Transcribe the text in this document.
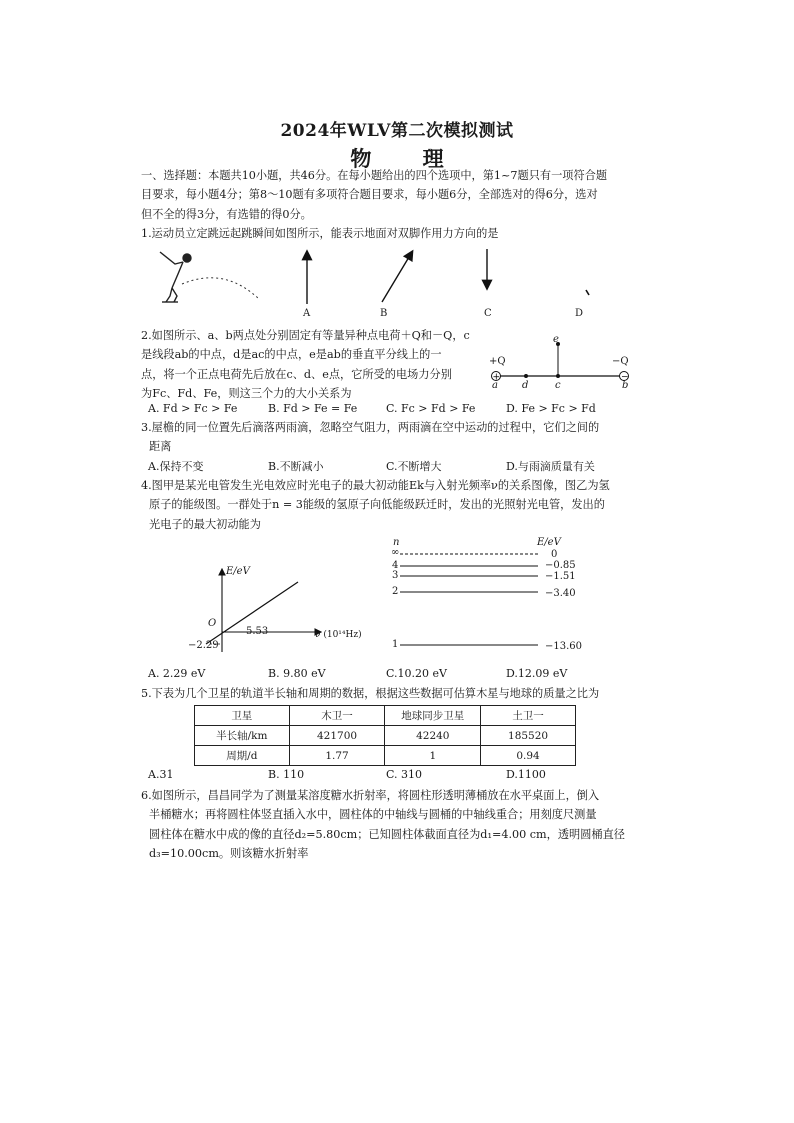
2024年WLV第二次模拟测试
物 理
一、选择题：本题共10小题，共46分。在每小题给出的四个选项中，第1~7题只有一项符合题
目要求，每小题4分；第8～10题有多项符合题目要求，每小题6分，全部选对的得6分，选对
但不全的得3分，有选错的得0分。
1.运动员立定跳远起跳瞬间如图所示，能表示地面对双脚作用力方向的是
A	B	C	D
2.如图所示、a、b两点处分别固定有等量异种点电荷＋Q和－Q，c
是线段ab的中点，d是ac的中点，e是ab的垂直平分线上的一
点，将一个正点电荷先后放在c、d、e点，它所受的电场力分别
为Fc、Fd、Fe，则这三个力的大小关系为
+	−
+Q	−Q
a d	c	b
e
A. Fd > Fc > Fe	B. Fd > Fe = Fe	C. Fc > Fd > Fe	D. Fe > Fc > Fd
3.屋檐的同一位置先后滴落两雨滴，忽略空气阻力，两雨滴在空中运动的过程中，它们之间的
距离
A.保持不变	B.不断减小	C.不断增大	D.与雨滴质量有关
4.图甲是某光电管发生光电效应时光电子的最大初动能Ek与入射光频率ν的关系图像，图乙为氢
原子的能级图。一群处于n = 3能级的氢原子向低能级跃迁时，发出的光照射光电管，发出的
光电子的最大初动能为
E/eV
O
−2.29
5.53	ν (10¹⁴Hz)
n	E/eV
∞	0
4	−0.85
3	−1.51
2	−3.40
1	−13.60
A. 2.29 eV	B. 9.80 eV	C.10.20 eV	D.12.09 eV
5.下表为几个卫星的轨道半长轴和周期的数据，根据这些数据可估算木星与地球的质量之比为
卫星	木卫一	地球同步卫星	土卫一
半长轴/km	421700	42240	185520
周期/d	1.77	1	0.94
A.31	B. 110	C. 310	D.1100
6.如图所示，昌昌同学为了测量某溶度糖水折射率，将圆柱形透明薄桶放在水平桌面上，倒入
半桶糖水；再将圆柱体竖直插入水中，圆柱体的中轴线与圆桶的中轴线重合；用刻度尺测量
圆柱体在糖水中成的像的直径d₂=5.80cm；已知圆柱体截面直径为d₁=4.00 cm，透明圆桶直径
d₃=10.00cm。则该糖水折射率
